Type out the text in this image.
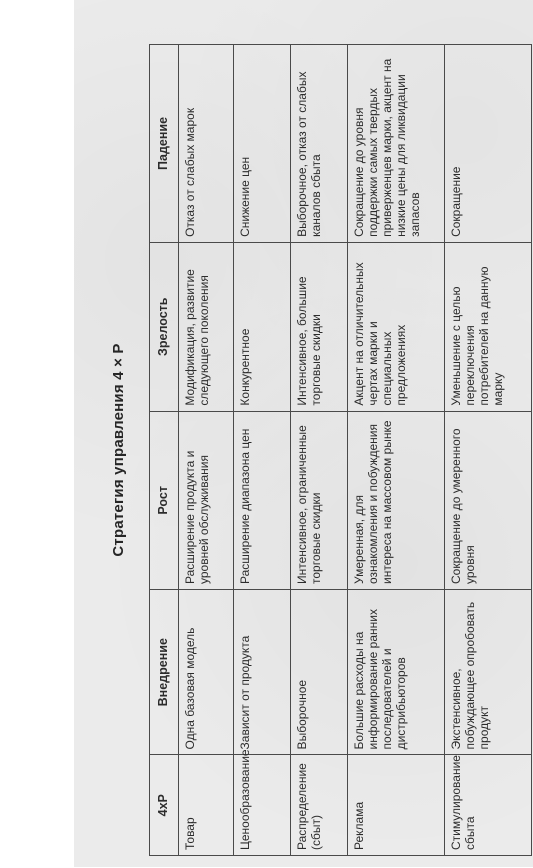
Стратегия управления 4 × Р
4хР	Внедрение	Рост	Зрелость	Падение
Товар	Одна базовая модель	Расширение продукта и уровней обслуживания	Модификация, развитие следующего поколения	Отказ от слабых марок
Ценообразование	Зависит от продукта	Расширение диапазона цен	Конкурентное	Снижение цен
Распределение (сбыт)	Выборочное	Интенсивное, ограниченные торговые скидки	Интенсивное, большие торговые скидки	Выборочное, отказ от слабых каналов сбыта
Реклама	Большие расходы на информирование ранних последователей и дистрибьюторов	Умеренная, для ознакомления и побуждения интереса на массовом рынке	Акцент на отличительных чертах марки и специальных предложениях	Сокращение до уровня поддержки самых твердых приверженцев марки, акцент на низкие цены для ликвидации запасов
Стимулирование сбыта	Экстенсивное, побуждающее опробовать продукт	Сокращение до умеренного уровня	Уменьшение с целью переключения потребителей на данную марку	Сокращение
